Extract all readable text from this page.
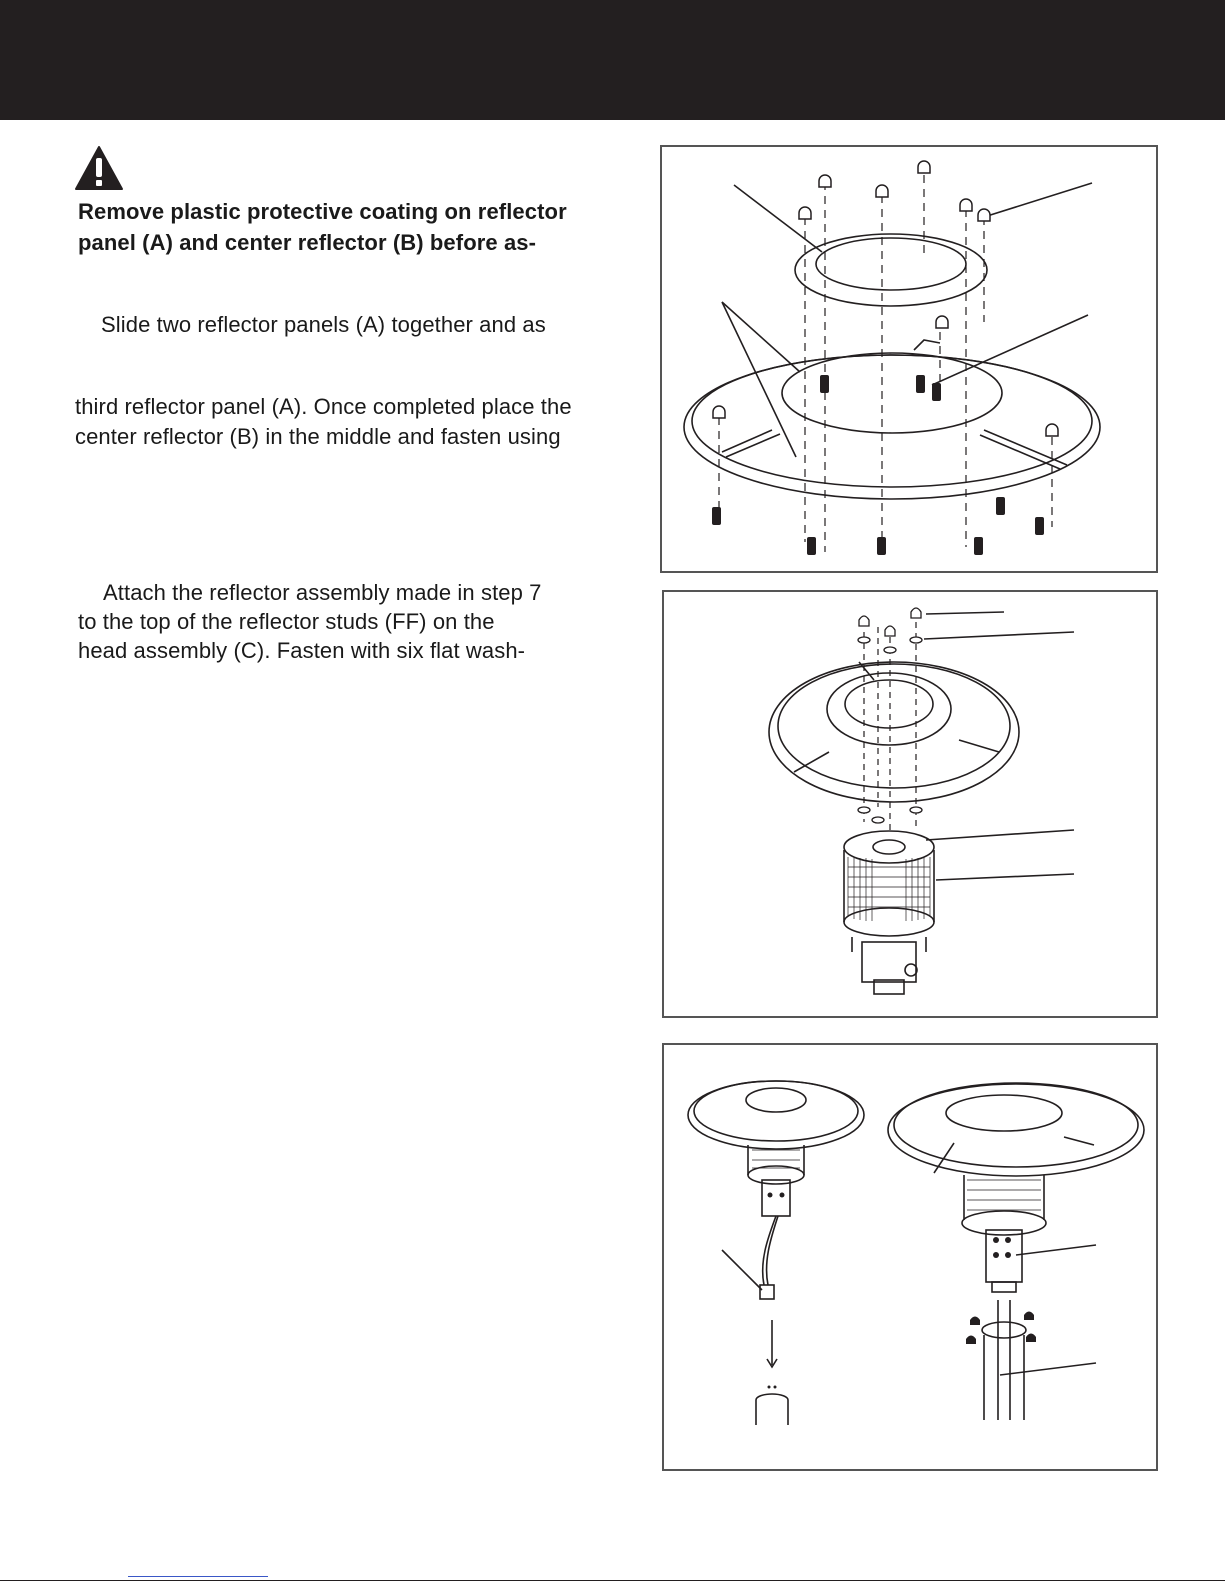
Remove plastic protective coating on reflector
panel (A) and center reflector (B) before as-
Slide two reflector panels (A) together and as
third reflector panel (A). Once completed place the
center reflector (B) in the middle and fasten using
Attach the reflector assembly made in step 7
to the top of the reflector studs (FF) on the
head assembly (C). Fasten with six flat wash-
